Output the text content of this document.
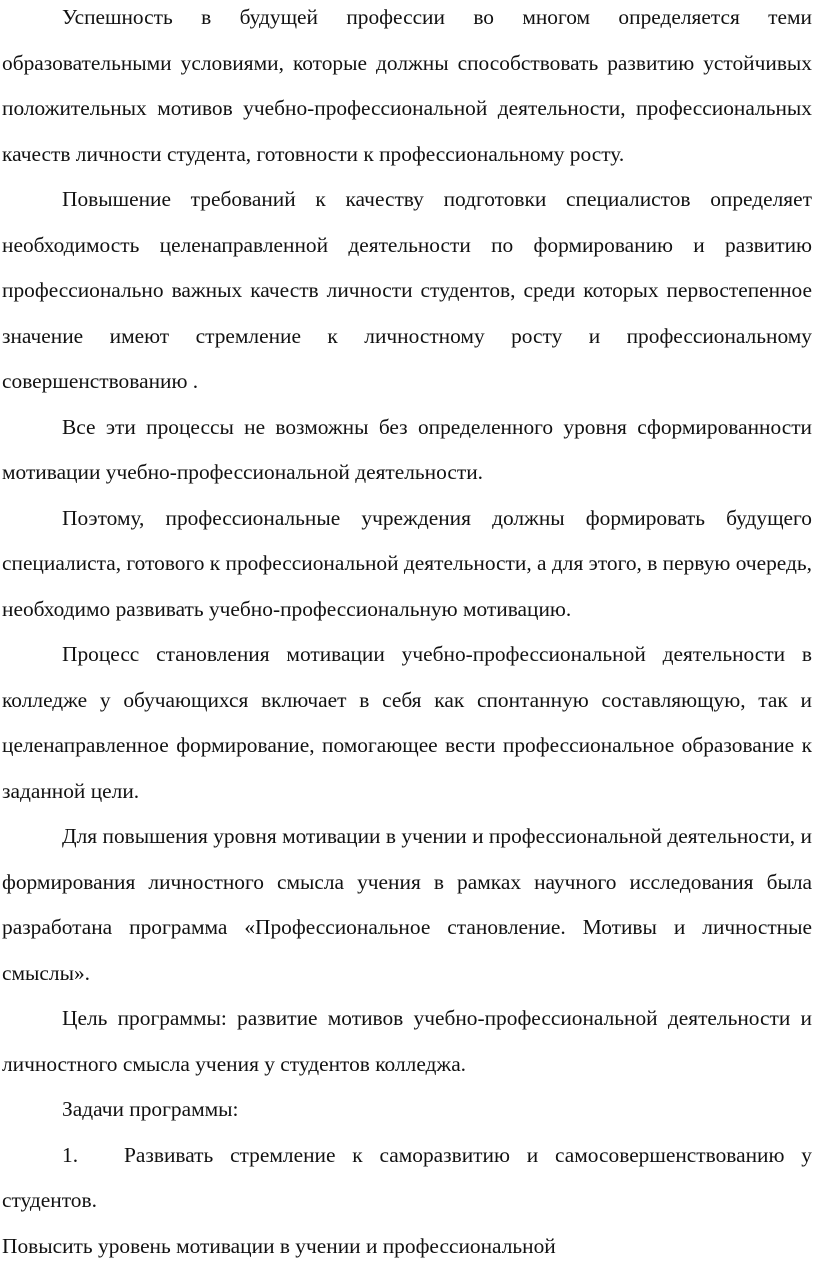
Успешность в будущей профессии во многом определяется теми образовательными условиями, которые должны способствовать развитию устойчивых положительных мотивов учебно-профессиональной деятельности, профессиональных качеств личности студента, готовности к профессиональному росту.

Повышение требований к качеству подготовки специалистов определяет необходимость целенаправленной деятельности по формированию и развитию профессионально важных качеств личности студентов, среди которых первостепенное значение имеют стремление к личностному росту и профессиональному совершенствованию .

Все эти процессы не возможны без определенного уровня сформированности мотивации учебно-профессиональной деятельности.

Поэтому, профессиональные учреждения должны формировать будущего специалиста, готового к профессиональной деятельности, а для этого, в первую очередь, необходимо развивать учебно-профессиональную мотивацию.

Процесс становления мотивации учебно-профессиональной деятельности в колледже у обучающихся включает в себя как спонтанную составляющую, так и целенаправленное формирование, помогающее вести профессиональное образование к заданной цели.

Для повышения уровня мотивации в учении и профессиональной деятельности, и формирования личностного смысла учения в рамках научного исследования была разработана программа «Профессиональное становление. Мотивы и личностные смыслы».

Цель программы: развитие мотивов учебно-профессиональной деятельности и личностного смысла учения у студентов колледжа.

Задачи программы:

1. Развивать стремление к саморазвитию и самосовершенствованию у студентов.

Повысить уровень мотивации в учении и профессиональной
